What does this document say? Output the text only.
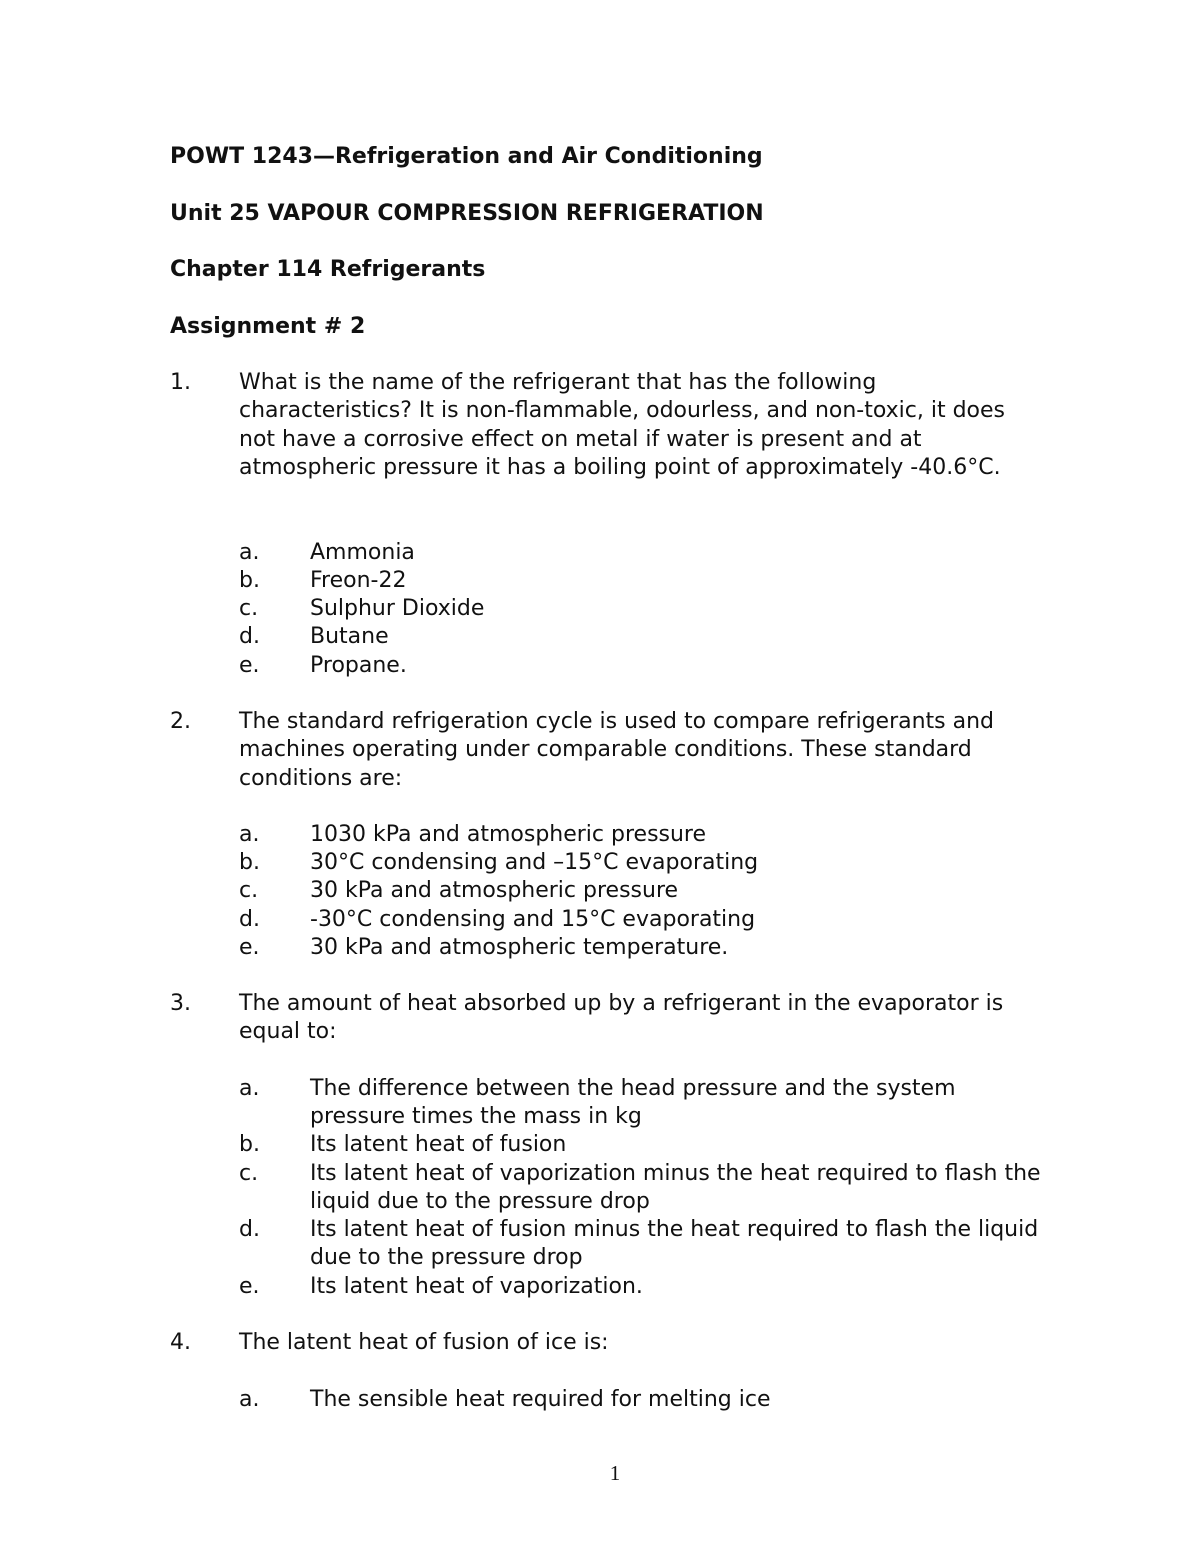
POWT 1243—Refrigeration and Air Conditioning
Unit 25 VAPOUR COMPRESSION REFRIGERATION
Chapter 114 Refrigerants
Assignment # 2
1. What is the name of the refrigerant that has the following characteristics? It is non-flammable, odourless, and non-toxic, it does not have a corrosive effect on metal if water is present and at atmospheric pressure it has a boiling point of approximately -40.6°C.
a. Ammonia
b. Freon-22
c. Sulphur Dioxide
d. Butane
e. Propane.
2. The standard refrigeration cycle is used to compare refrigerants and machines operating under comparable conditions. These standard conditions are:
a. 1030 kPa and atmospheric pressure
b. 30°C condensing and –15°C evaporating
c. 30 kPa and atmospheric pressure
d. -30°C condensing and 15°C evaporating
e. 30 kPa and atmospheric temperature.
3. The amount of heat absorbed up by a refrigerant in the evaporator is equal to:
a. The difference between the head pressure and the system pressure times the mass in kg
b. Its latent heat of fusion
c. Its latent heat of vaporization minus the heat required to flash the liquid due to the pressure drop
d. Its latent heat of fusion minus the heat required to flash the liquid due to the pressure drop
e. Its latent heat of vaporization.
4. The latent heat of fusion of ice is:
a. The sensible heat required for melting ice
1
